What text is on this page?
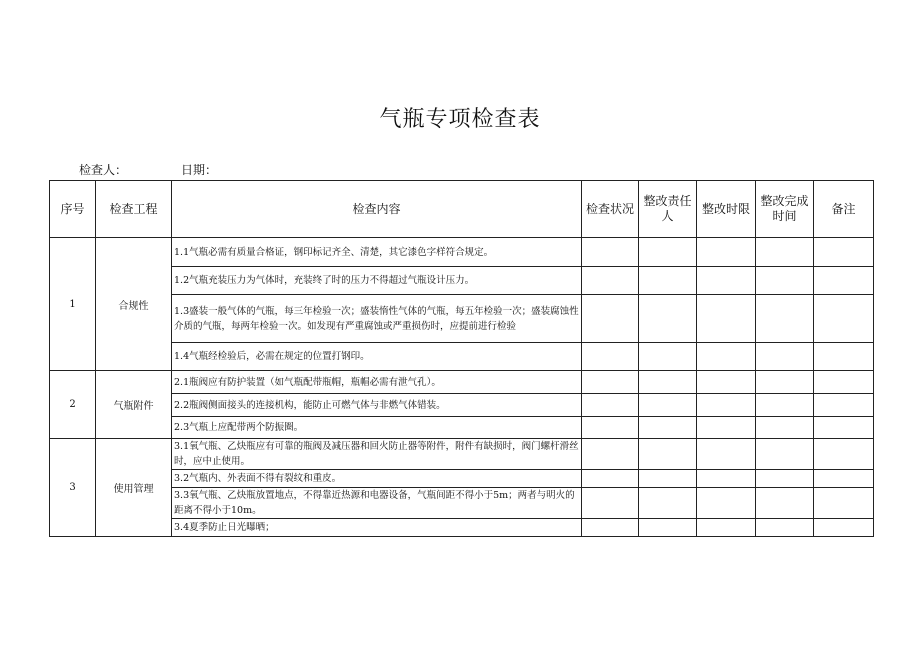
气瓶专项检查表
检查人：	日期：
序号	检查工程	检查内容	检查状况	整改责任人	整改时限	整改完成时间	备注
1	合规性	1.1气瓶必需有质量合格证，钢印标记齐全、清楚，其它漆色字样符合规定。					
		1.2气瓶充装压力为气体时，充装终了时的压力不得超过气瓶设计压力。					
		1.3盛装一般气体的气瓶，每三年检验一次；盛装惰性气体的气瓶，每五年检验一次；盛装腐蚀性介质的气瓶，每两年检验一次。如发现有严重腐蚀或严重损伤时，应提前进行检验					
		1.4气瓶经检验后，必需在规定的位置打钢印。					
2	气瓶附件	2.1瓶阀应有防护装置（如气瓶配带瓶帽，瓶帽必需有泄气孔）。					
		2.2瓶阀侧面接头的连接机构，能防止可燃气体与非燃气体错装。					
		2.3气瓶上应配带两个防振圈。					
3	使用管理	3.1氧气瓶、乙炔瓶应有可靠的瓶阀及减压器和回火防止器等附件，附件有缺损时，阀门螺杆滑丝时，应中止使用。					
		3.2气瓶内、外表面不得有裂纹和重皮。					
		3.3氧气瓶、乙炔瓶放置地点，不得靠近热源和电器设备，气瓶间距不得小于5m；两者与明火的距离不得小于10m。					
		3.4夏季防止日光曝晒；					
